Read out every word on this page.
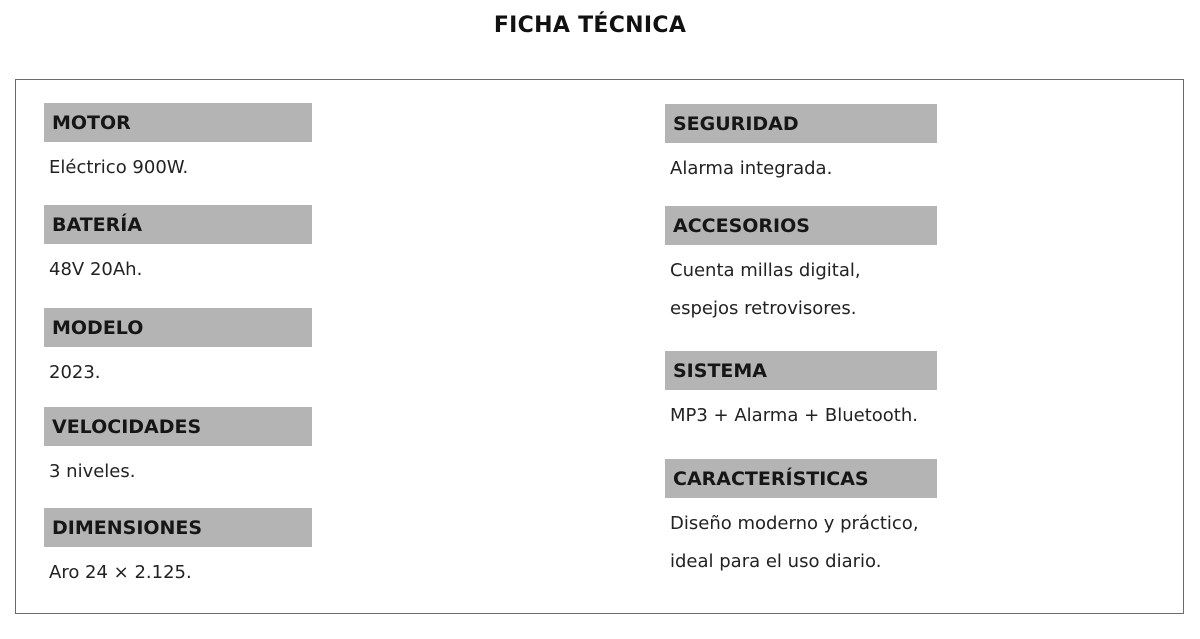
FICHA TÉCNICA
MOTOR
Eléctrico 900W.
BATERÍA
48V 20Ah.
MODELO
2023.
VELOCIDADES
3 niveles.
DIMENSIONES
Aro 24 × 2.125.
SEGURIDAD
Alarma integrada.
ACCESORIOS
Cuenta millas digital,
espejos retrovisores.
SISTEMA
MP3 + Alarma + Bluetooth.
CARACTERÍSTICAS
Diseño moderno y práctico,
ideal para el uso diario.
